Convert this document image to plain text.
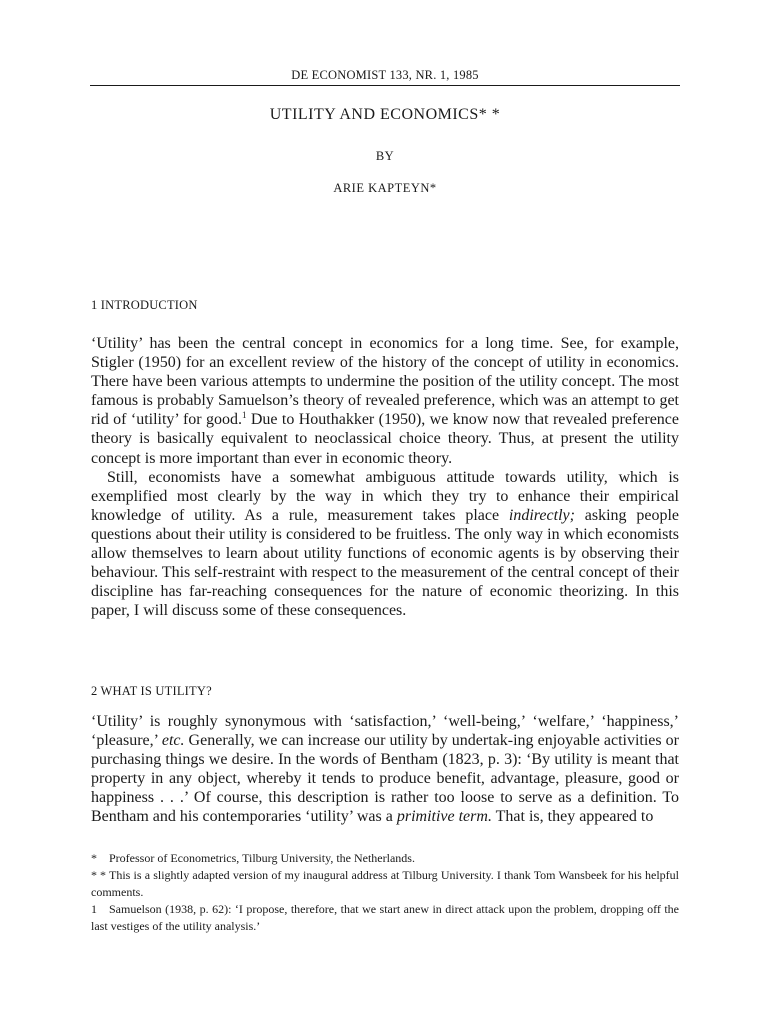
DE ECONOMIST 133, NR. 1, 1985
UTILITY AND ECONOMICS* *
BY
ARIE KAPTEYN*
1 INTRODUCTION

‘Utility’ has been the central concept in economics for a long time. See, for example, Stigler (1950) for an excellent review of the history of the concept of utility in economics. There have been various attempts to undermine the position of the utility concept. The most famous is probably Samuelson’s theory of revealed preference, which was an attempt to get rid of ‘utility’ for good.$^1$ Due to Houthakker (1950), we know now that revealed preference theory is basically equivalent to neoclassical choice theory. Thus, at present the utility concept is more important than ever in economic theory.

Still, economists have a somewhat ambiguous attitude towards utility, which is exemplified most clearly by the way in which they try to enhance their empirical knowledge of utility. As a rule, measurement takes place indirectly; asking people questions about their utility is considered to be fruitless. The only way in which economists allow themselves to learn about utility functions of economic agents is by observing their behaviour. This self-restraint with respect to the measurement of the central concept of their discipline has far-reaching consequences for the nature of economic theorizing. In this paper, I will discuss some of these consequences.

2 WHAT IS UTILITY?

‘Utility’ is roughly synonymous with ‘satisfaction,’ ‘well-being,’ ‘welfare,’ ‘happiness,’ ‘pleasure,’ etc. Generally, we can increase our utility by undertak-ing enjoyable activities or purchasing things we desire. In the words of Bentham (1823, p. 3): ‘By utility is meant that property in any object, whereby it tends to produce benefit, advantage, pleasure, good or happiness . . .’ Of course, this description is rather too loose to serve as a definition. To Bentham and his contemporaries ‘utility’ was a primitive term. That is, they appeared to

* Professor of Econometrics, Tilburg University, the Netherlands.

* * This is a slightly adapted version of my inaugural address at Tilburg University. I thank Tom Wansbeek for his helpful comments.

1 Samuelson (1938, p. 62): ‘I propose, therefore, that we start anew in direct attack upon the problem, dropping off the last vestiges of the utility analysis.’
